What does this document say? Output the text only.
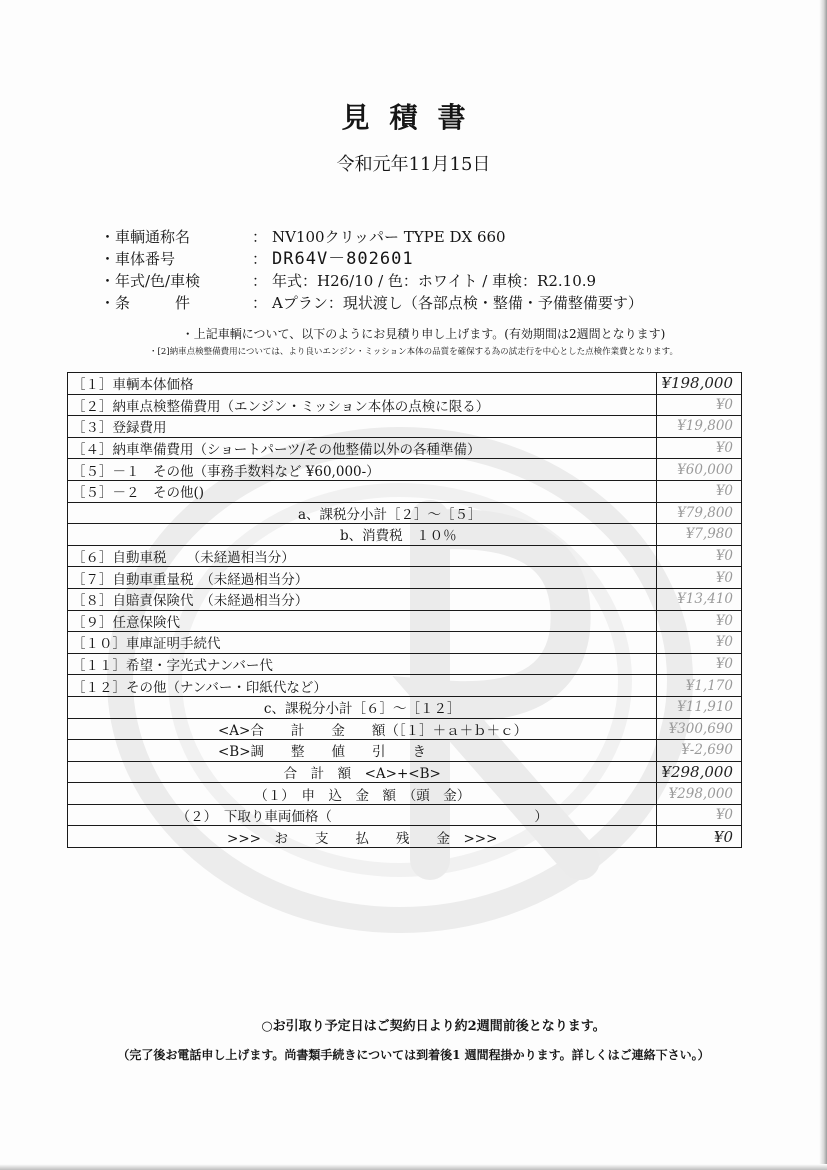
見積書
令和元年11月15日
・車輌通称名	： NV100クリッパー TYPE DX 660
・車体番号	： DR64V－802601
・年式/色/車検	： 年式：H26/10 / 色：ホワイト / 車検：R2.10.9
・条　　　件	： Aプラン：現状渡し（各部点検・整備・予備整備要す）
・上記車輌について、以下のようにお見積り申し上げます。(有効期間は2週間となります)
・[2]納車点検整備費用については、より良いエンジン・ミッション本体の品質を確保する為の試走行を中心とした点検作業費となります。
［１］車輌本体価格	¥198,000
［２］納車点検整備費用（エンジン・ミッション本体の点検に限る）	¥0
［３］登録費用	¥19,800
［４］納車準備費用（ショートパーツ/その他整備以外の各種準備）	¥0
［５］－１　その他（事務手数料など ¥60,000-）	¥60,000
［５］－２　その他()	¥0
a、課税分小計［２］～［５］	¥79,800
b、消費税　１０％	¥7,980
［６］自動車税　　（未経過相当分）	¥0
［７］自動車重量税　（未経過相当分）	¥0
［８］自賠責保険代　（未経過相当分）	¥13,410
［９］任意保険代	¥0
［１０］車庫証明手続代	¥0
［１１］希望・字光式ナンバー代	¥0
［１２］その他（ナンバー・印紙代など）	¥1,170
c、課税分小計［６］～［１２］	¥11,910
<A>合　　計　　金　　額（［１］＋ａ＋ｂ＋ｃ）	¥300,690
<B>調　　整　　値　　引　　き	¥-2,690
合　計　額　<A>+<B>	¥298,000
（１）　申　込　金　額　（頭　金）	¥298,000
（２）　下取り車両価格（　　　　　　　　　　　　　　　）	¥0
>>>　お　　支　　払　　残　　金　>>>	¥0
○お引取り予定日はご契約日より約2週間前後となります。
（完了後お電話申し上げます。尚書類手続きについては到着後1 週間程掛かります。詳しくはご連絡下さい。）
